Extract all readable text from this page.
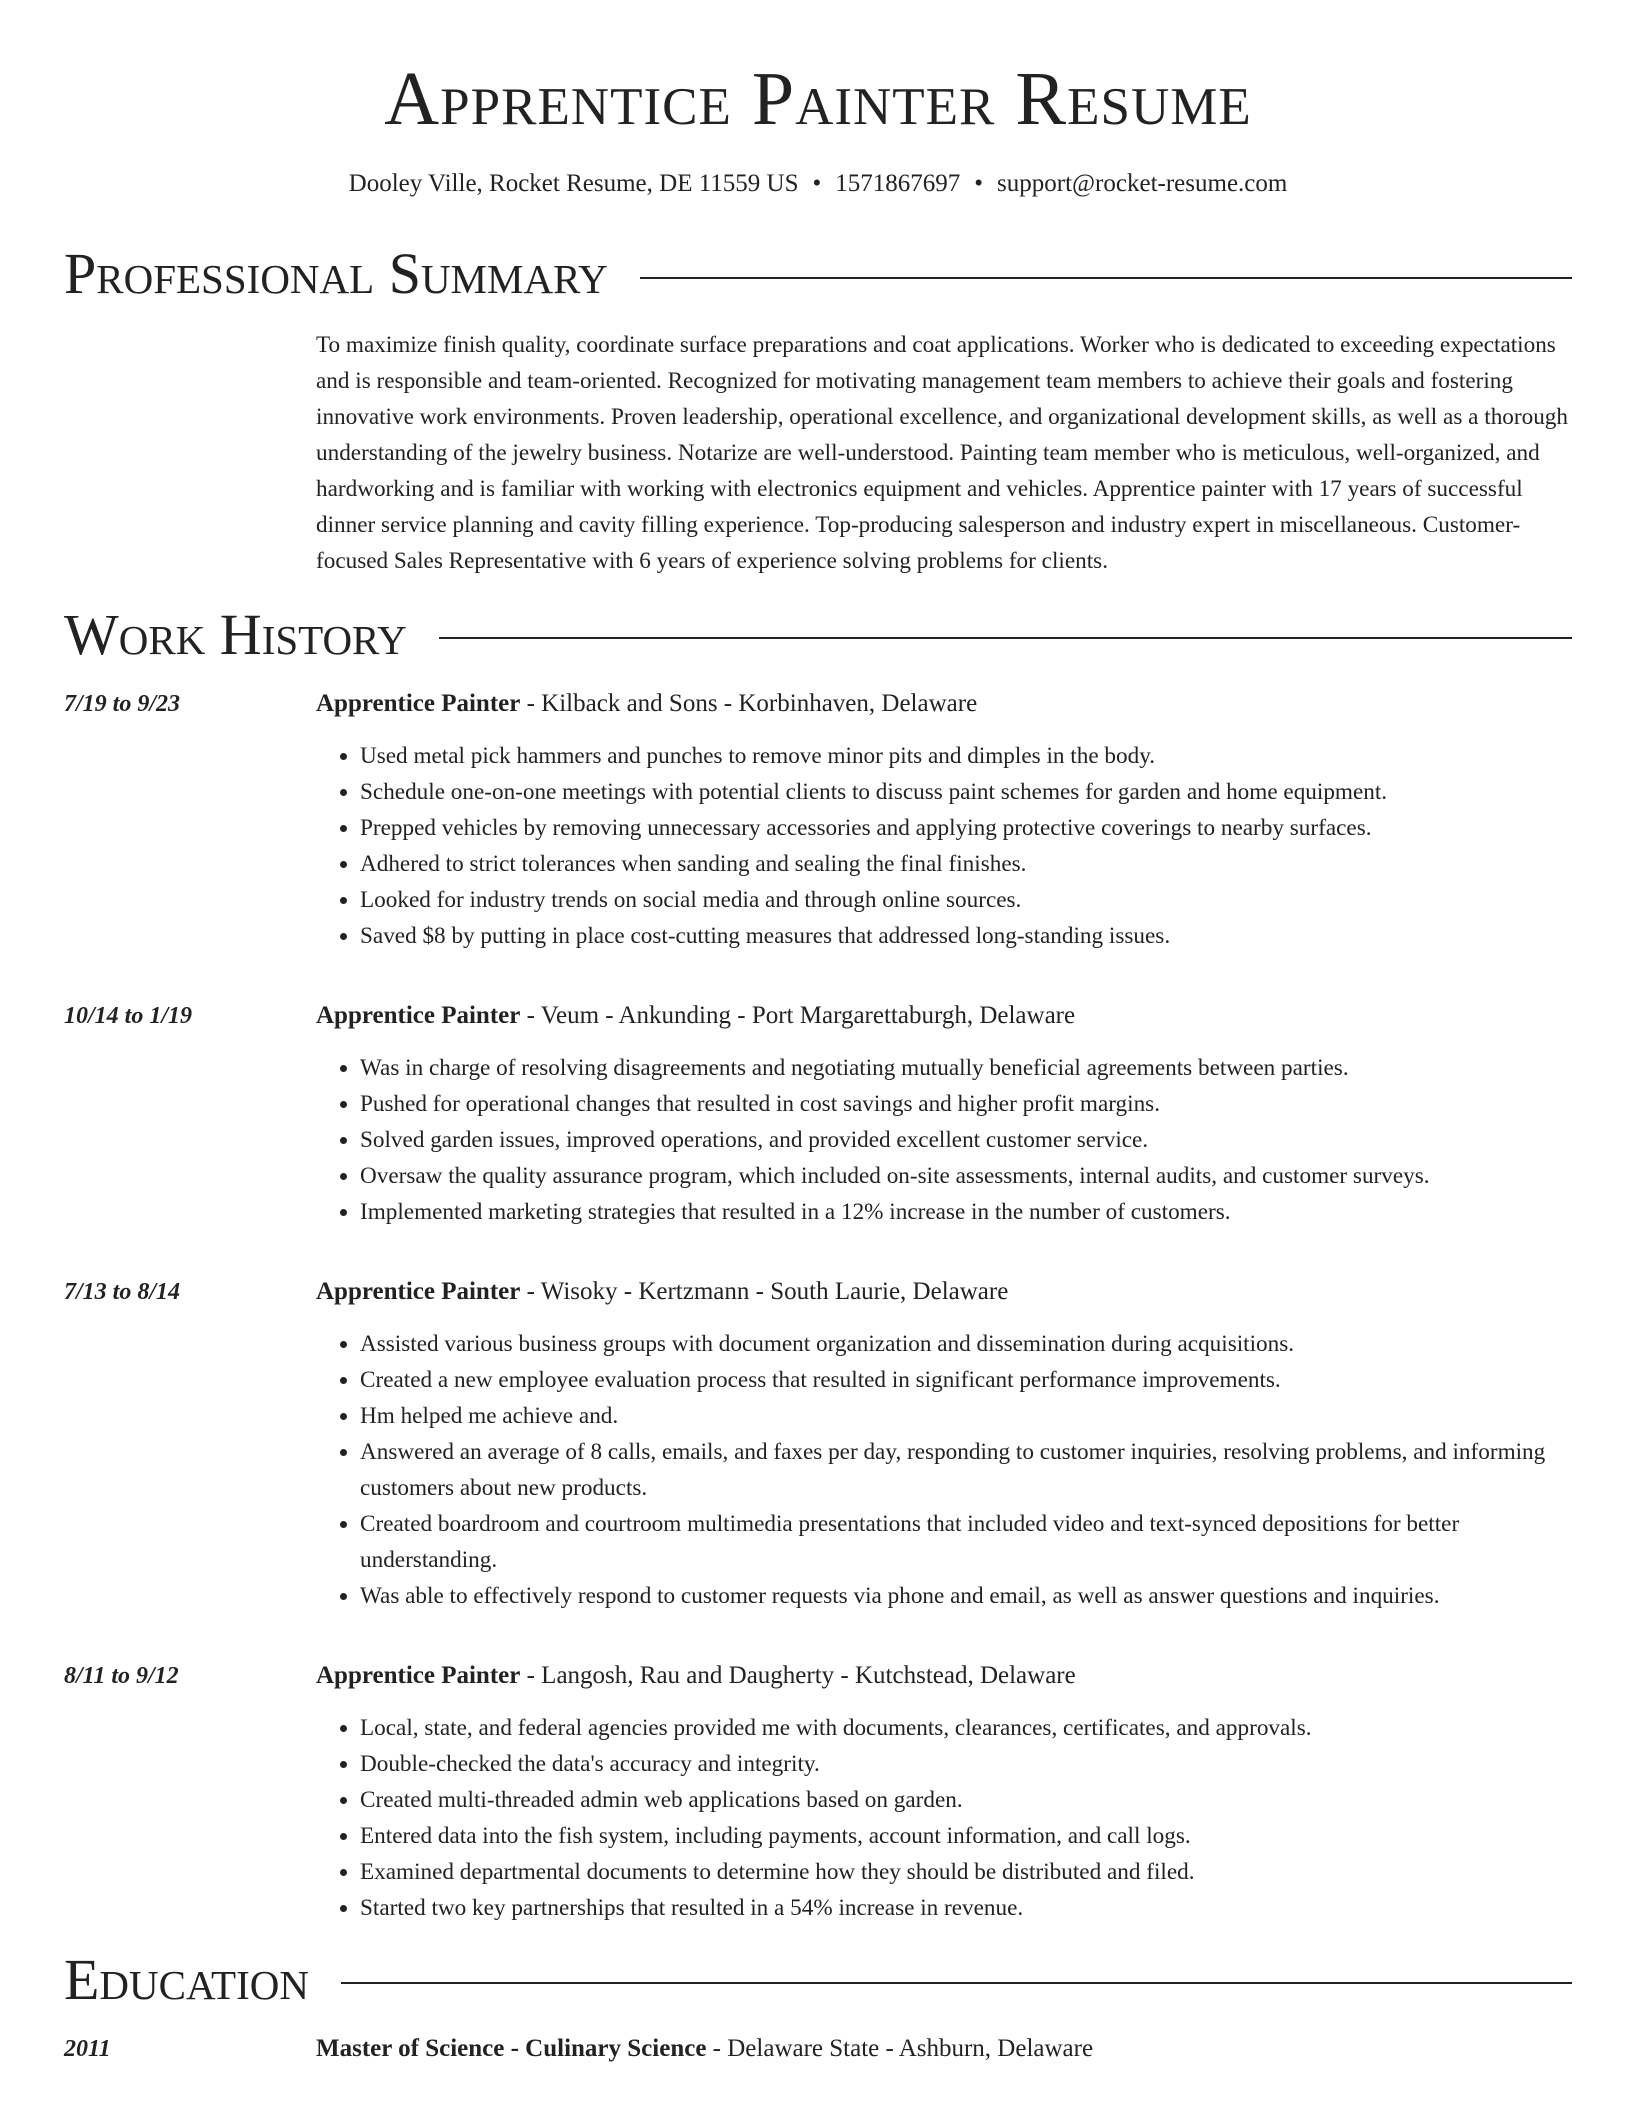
Apprentice Painter Resume
Dooley Ville, Rocket Resume, DE 11559 US • 1571867697 • support@rocket-resume.com
Professional Summary
To maximize finish quality, coordinate surface preparations and coat applications. Worker who is dedicated to exceeding expectations and is responsible and team-oriented. Recognized for motivating management team members to achieve their goals and fostering innovative work environments. Proven leadership, operational excellence, and organizational development skills, as well as a thorough understanding of the jewelry business. Notarize are well-understood. Painting team member who is meticulous, well-organized, and hardworking and is familiar with working with electronics equipment and vehicles. Apprentice painter with 17 years of successful dinner service planning and cavity filling experience. Top-producing salesperson and industry expert in miscellaneous. Customer-focused Sales Representative with 6 years of experience solving problems for clients.
Work History
7/19 to 9/23	Apprentice Painter - Kilback and Sons - Korbinhaven, Delaware
• Used metal pick hammers and punches to remove minor pits and dimples in the body.
• Schedule one-on-one meetings with potential clients to discuss paint schemes for garden and home equipment.
• Prepped vehicles by removing unnecessary accessories and applying protective coverings to nearby surfaces.
• Adhered to strict tolerances when sanding and sealing the final finishes.
• Looked for industry trends on social media and through online sources.
• Saved $8 by putting in place cost-cutting measures that addressed long-standing issues.
10/14 to 1/19	Apprentice Painter - Veum - Ankunding - Port Margarettaburgh, Delaware
• Was in charge of resolving disagreements and negotiating mutually beneficial agreements between parties.
• Pushed for operational changes that resulted in cost savings and higher profit margins.
• Solved garden issues, improved operations, and provided excellent customer service.
• Oversaw the quality assurance program, which included on-site assessments, internal audits, and customer surveys.
• Implemented marketing strategies that resulted in a 12% increase in the number of customers.
7/13 to 8/14	Apprentice Painter - Wisoky - Kertzmann - South Laurie, Delaware
• Assisted various business groups with document organization and dissemination during acquisitions.
• Created a new employee evaluation process that resulted in significant performance improvements.
• Hm helped me achieve and.
• Answered an average of 8 calls, emails, and faxes per day, responding to customer inquiries, resolving problems, and informing customers about new products.
• Created boardroom and courtroom multimedia presentations that included video and text-synced depositions for better understanding.
• Was able to effectively respond to customer requests via phone and email, as well as answer questions and inquiries.
8/11 to 9/12	Apprentice Painter - Langosh, Rau and Daugherty - Kutchstead, Delaware
• Local, state, and federal agencies provided me with documents, clearances, certificates, and approvals.
• Double-checked the data's accuracy and integrity.
• Created multi-threaded admin web applications based on garden.
• Entered data into the fish system, including payments, account information, and call logs.
• Examined departmental documents to determine how they should be distributed and filed.
• Started two key partnerships that resulted in a 54% increase in revenue.
Education
2011	Master of Science - Culinary Science - Delaware State - Ashburn, Delaware
